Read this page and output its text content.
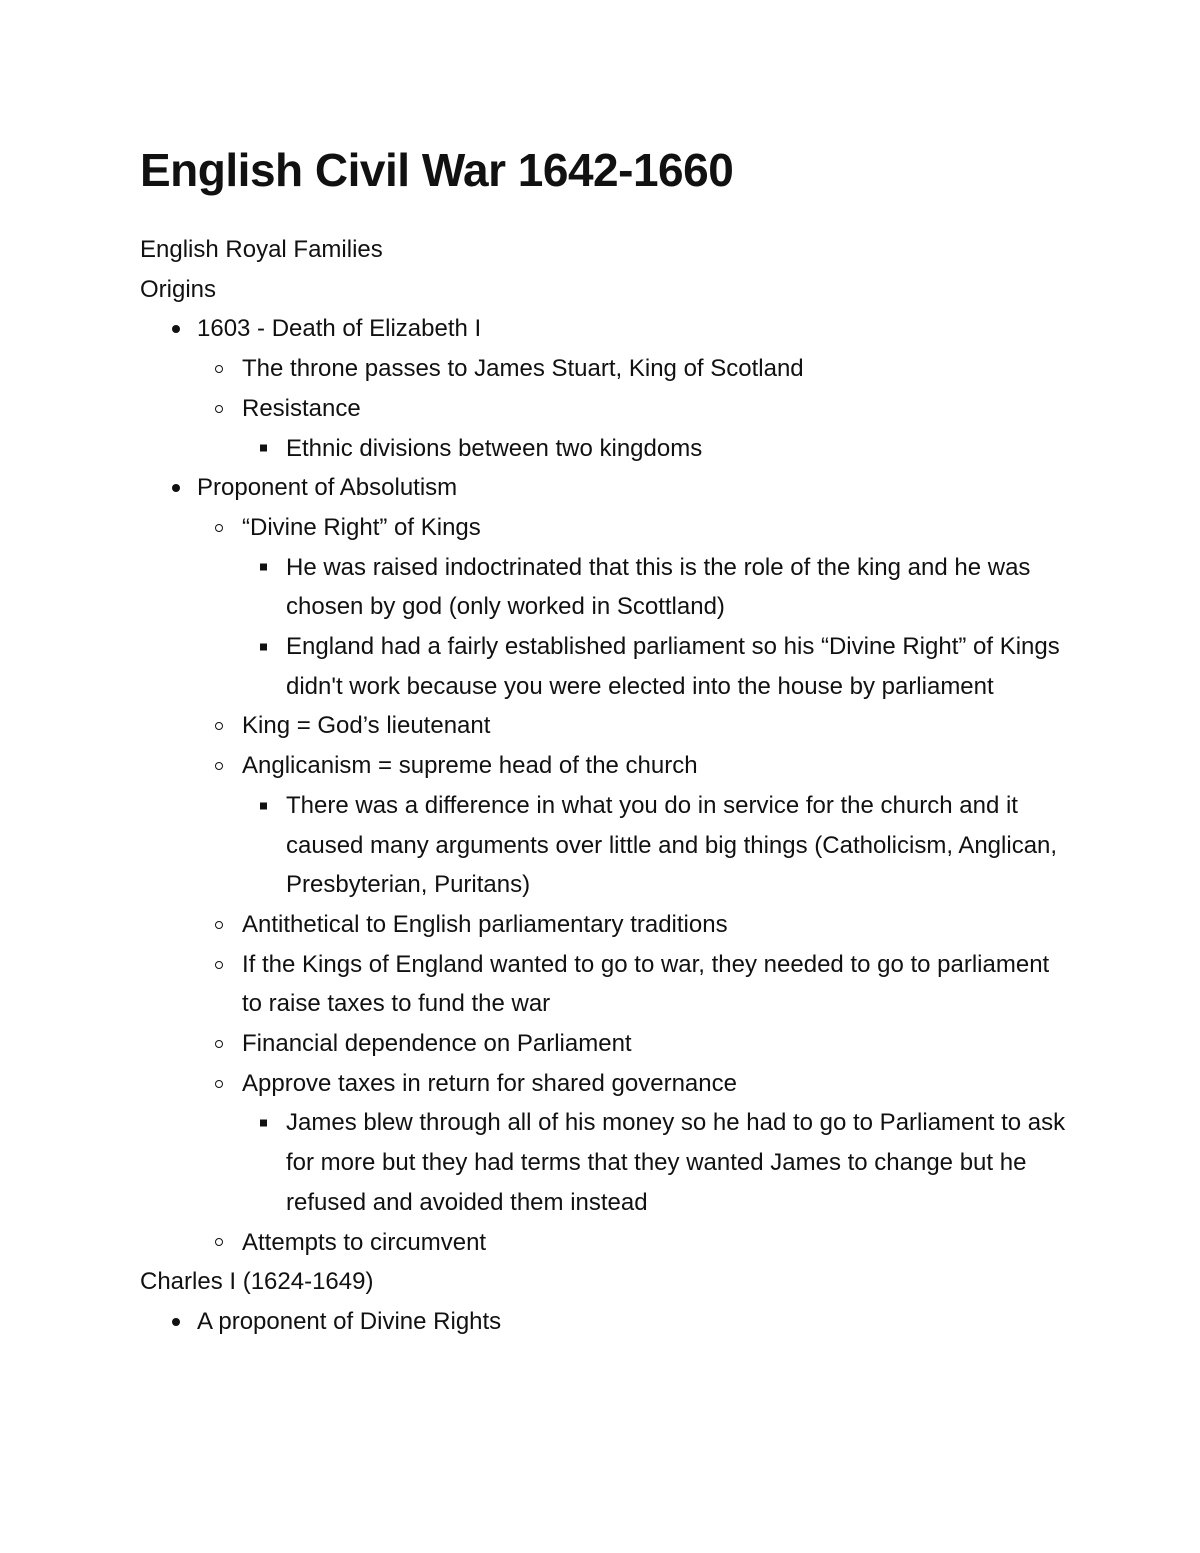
English Civil War 1642-1660

English Royal Families

Origins

1603 - Death of Elizabeth I
The throne passes to James Stuart, King of Scotland
Resistance
Ethnic divisions between two kingdoms
Proponent of Absolutism
“Divine Right” of Kings
He was raised indoctrinated that this is the role of the king and he was chosen by god (only worked in Scottland)
England had a fairly established parliament so his “Divine Right” of Kings didn't work because you were elected into the house by parliament
King = God’s lieutenant
Anglicanism = supreme head of the church
There was a difference in what you do in service for the church and it caused many arguments over little and big things (Catholicism, Anglican, Presbyterian, Puritans)
Antithetical to English parliamentary traditions
If the Kings of England wanted to go to war, they needed to go to parliament to raise taxes to fund the war
Financial dependence on Parliament
Approve taxes in return for shared governance
James blew through all of his money so he had to go to Parliament to ask for more but they had terms that they wanted James to change but he refused and avoided them instead
Attempts to circumvent

Charles I (1624-1649)

A proponent of Divine Rights
